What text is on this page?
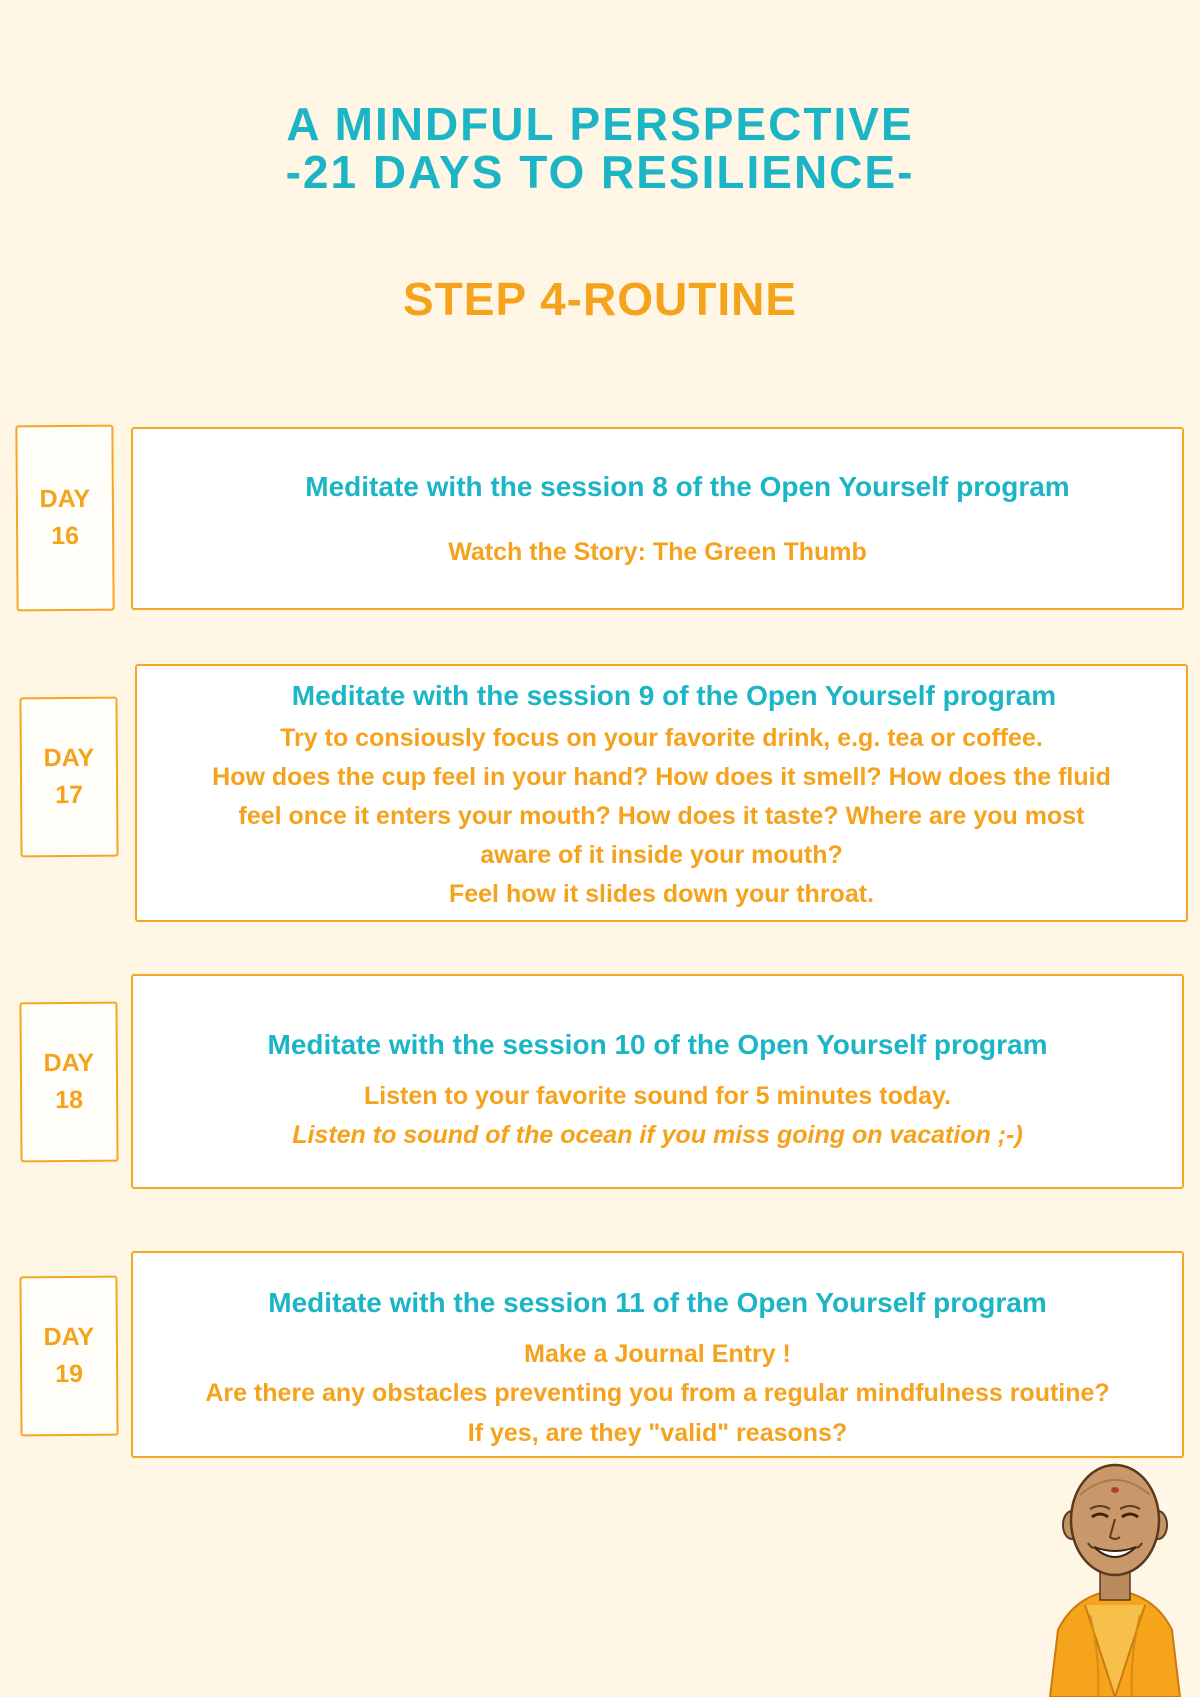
A MINDFUL PERSPECTIVE
-21 DAYS TO RESILIENCE-
STEP 4-ROUTINE
DAY
16
Meditate with the session 8 of the Open Yourself program
Watch the Story: The Green Thumb
DAY
17
Meditate with the session 9 of the Open Yourself program
Try to consiously focus on your favorite drink, e.g. tea or coffee.
How does the cup feel in your hand? How does it smell? How does the fluid
feel once it enters your mouth? How does it taste? Where are you most
aware of it inside your mouth?
Feel how it slides down your throat.
DAY
18
Meditate with the session 10 of the Open Yourself program
Listen to your favorite sound for 5 minutes today.
Listen to sound of the ocean if you miss going on vacation ;-)
DAY
19
Meditate with the session 11 of the Open Yourself program
Make a Journal Entry !
Are there any obstacles preventing you from a regular mindfulness routine?
If yes, are they "valid" reasons?
